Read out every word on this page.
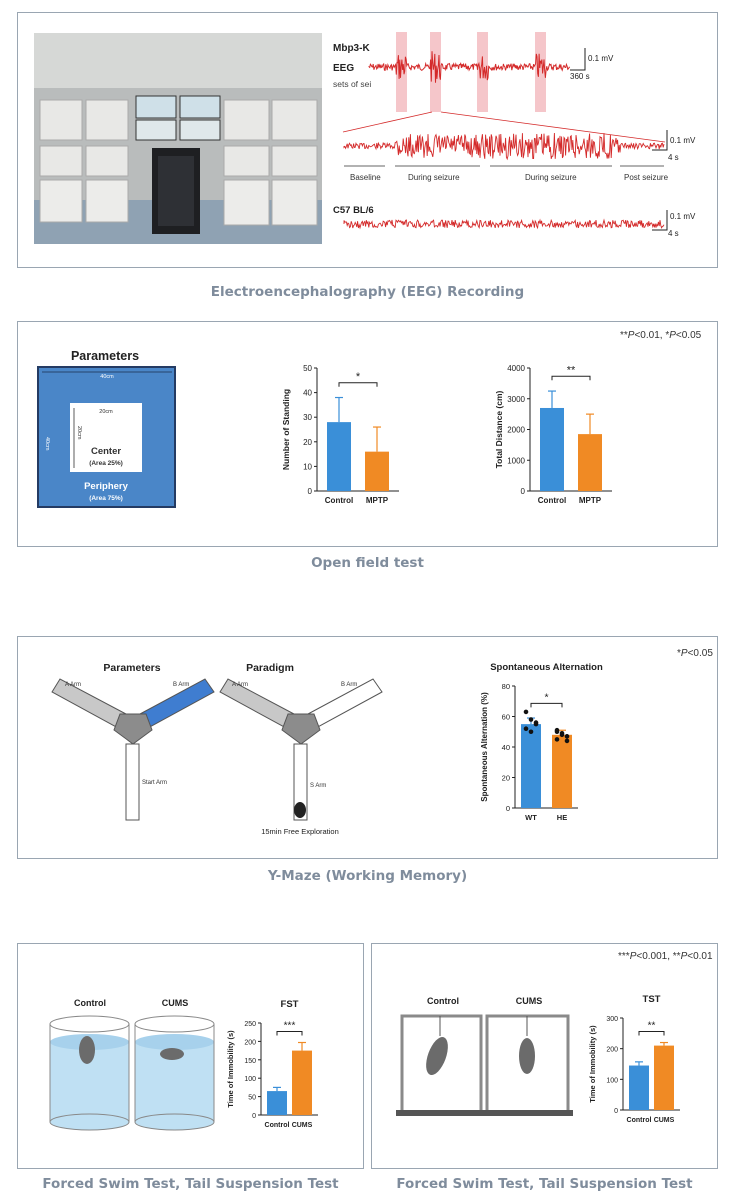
Mbp3-K
EEG
sets of sei
0.1 mV
360 s
0.1 mV
4 s
Baseline	During seizure	During seizure	Post seizure
C57 BL/6
0.1 mV
4 s
Electroencephalography (EEG) Recording
**P<0.01, *P<0.05
Parameters
40cm
40cm
20cm
20cm
Center
(Area 25%)
Periphery
(Area 75%)
0
10
20
30
40
50
Control MPTP
*
Number of Standing
0
1000
2000
3000
4000
Control MPTP
**
Total Distance (cm)
Open field test
*P<0.05
Parameters	Paradigm
A Arm	B Arm
Start Arm
A Arm	B Arm
S Arm
15min Free Exploration
0
20
40
60
80
WT	HE
*
Spontaneous Alternation (%)
Spontaneous Alternation
Y-Maze (Working Memory)
Control	CUMS
0
50
100
150
200
250
Control CUMS
***
Time of Immobility (s)
FST
Forced Swim Test, Tail Suspension Test
***P<0.001, **P<0.01
Control	CUMS
0
100
200
300
Control CUMS
**
Time of Immobility (s)
TST
Forced Swim Test, Tail Suspension Test
